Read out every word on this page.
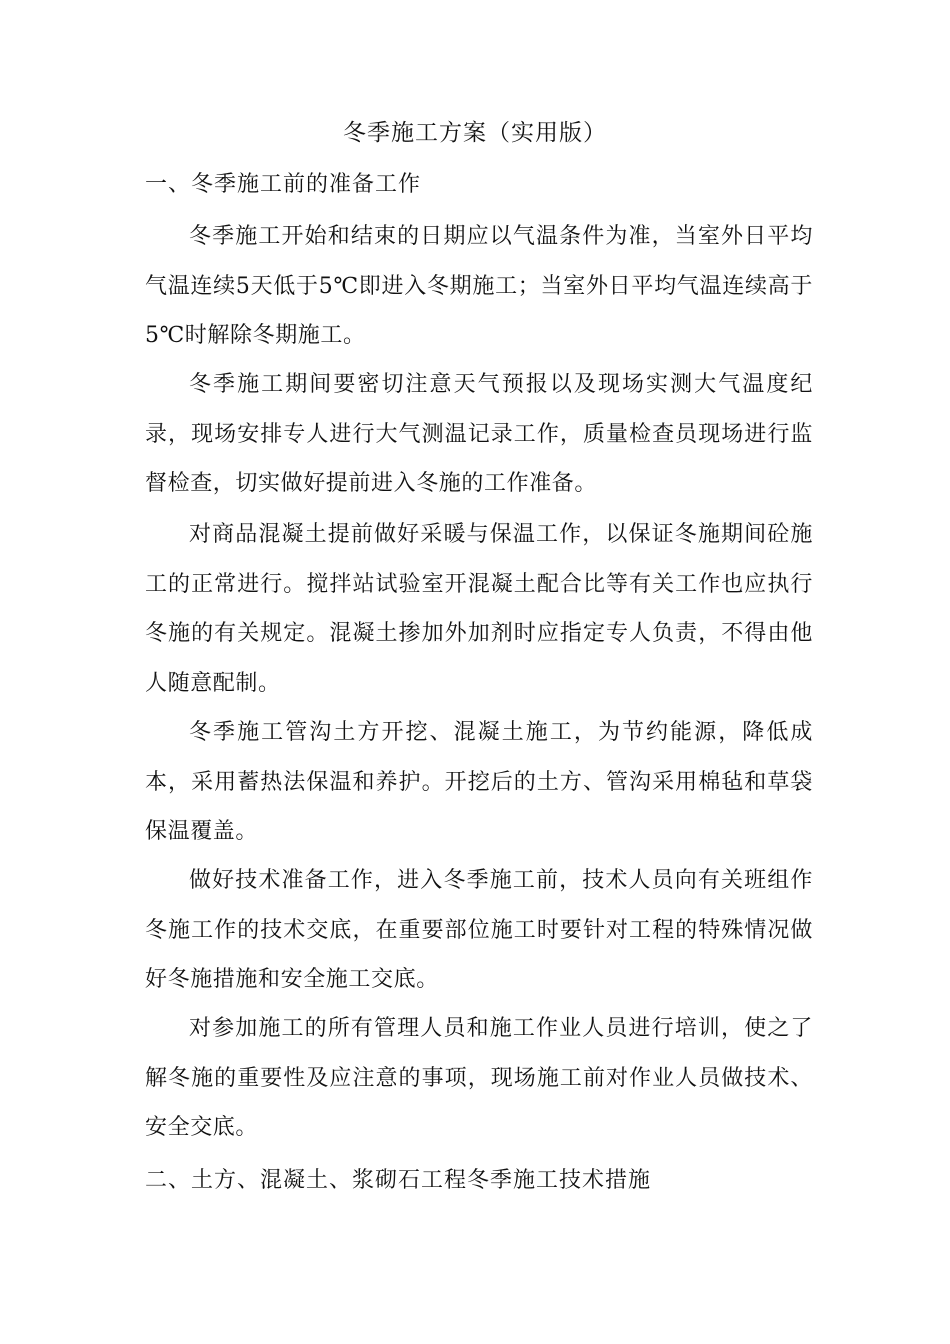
冬季施工方案（实用版）
一、冬季施工前的准备工作

冬季施工开始和结束的日期应以气温条件为准，当室外日平均气温连续5天低于5℃即进入冬期施工；当室外日平均气温连续高于5℃时解除冬期施工。

冬季施工期间要密切注意天气预报以及现场实测大气温度纪录，现场安排专人进行大气测温记录工作，质量检查员现场进行监督检查，切实做好提前进入冬施的工作准备。

对商品混凝土提前做好采暖与保温工作，以保证冬施期间砼施工的正常进行。搅拌站试验室开混凝土配合比等有关工作也应执行冬施的有关规定。混凝土掺加外加剂时应指定专人负责，不得由他人随意配制。

冬季施工管沟土方开挖、混凝土施工，为节约能源，降低成本，采用蓄热法保温和养护。开挖后的土方、管沟采用棉毡和草袋保温覆盖。

做好技术准备工作，进入冬季施工前，技术人员向有关班组作冬施工作的技术交底，在重要部位施工时要针对工程的特殊情况做好冬施措施和安全施工交底。

对参加施工的所有管理人员和施工作业人员进行培训，使之了解冬施的重要性及应注意的事项，现场施工前对作业人员做技术、安全交底。

二、土方、混凝土、浆砌石工程冬季施工技术措施
